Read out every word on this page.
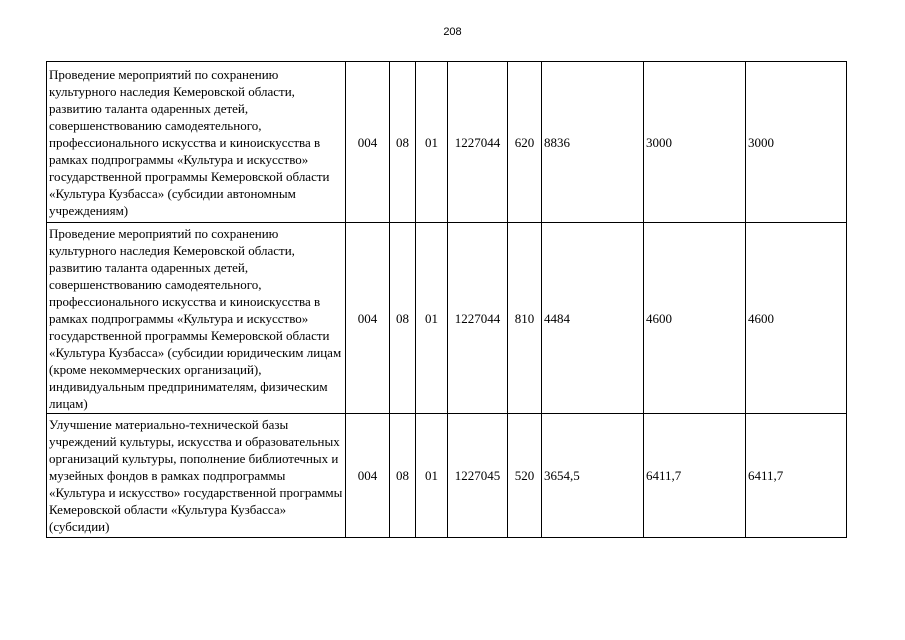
208
Проведение мероприятий по сохранению культурного наследия Кемеровской области, развитию таланта одаренных детей, совершенствованию самодеятельного, профессионального искусства и киноискусства в рамках подпрограммы «Культура и искусство» государственной программы Кемеровской области «Культура Кузбасса» (субсидии автономным учреждениям)	004	08	01	1227044	620	8836	3000	3000
Проведение мероприятий по сохранению культурного наследия Кемеровской области, развитию таланта одаренных детей, совершенствованию самодеятельного, профессионального искусства и киноискусства в рамках подпрограммы «Культура и искусство» государственной программы Кемеровской области «Культура Кузбасса» (субсидии юридическим лицам (кроме некоммерческих организаций), индивидуальным предпринимателям, физическим лицам)	004	08	01	1227044	810	4484	4600	4600
Улучшение материально-технической базы учреждений культуры, искусства и образовательных организаций культуры, пополнение библиотечных и музейных фондов в рамках подпрограммы «Культура и искусство» государственной программы Кемеровской области «Культура Кузбасса» (субсидии)	004	08	01	1227045	520	3654,5	6411,7	6411,7
